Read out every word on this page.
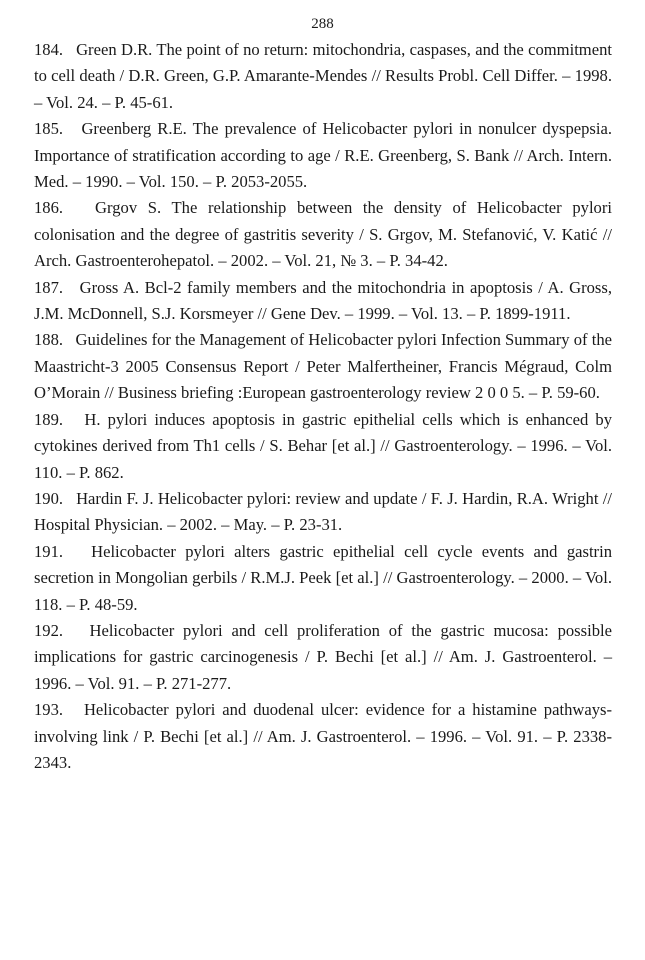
288

184. Green D.R. The point of no return: mitochondria, caspases, and the commitment to cell death / D.R. Green, G.P. Amarante-Mendes // Results Probl. Cell Differ. – 1998. – Vol. 24. – P. 45-61.

185. Greenberg R.E. The prevalence of Helicobacter pylori in nonulcer dyspepsia. Importance of stratification according to age / R.E. Greenberg, S. Bank // Arch. Intern. Med. – 1990. – Vol. 150. – P. 2053-2055.

186. Grgov S. The relationship between the density of Helicobacter pylori colonisation and the degree of gastritis severity / S. Grgov, M. Stefanović, V. Katić // Arch. Gastroenterohepatol. – 2002. – Vol. 21, № 3. – P. 34-42.

187. Gross A. Bcl-2 family members and the mitochondria in apoptosis / A. Gross, J.M. McDonnell, S.J. Korsmeyer // Gene Dev. – 1999. – Vol. 13. – P. 1899-1911.

188. Guidelines for the Management of Helicobacter pylori Infection Summary of the Maastricht-3 2005 Consensus Report / Peter Malfertheiner, Francis Mégraud, Colm O’Morain // Business briefing :European gastroenterology review 2 0 0 5. – P. 59-60.

189. H. pylori induces apoptosis in gastric epithelial cells which is enhanced by cytokines derived from Th1 cells / S. Behar [et al.] // Gastroenterology. – 1996. – Vol. 110. – P. 862.

190. Hardin F. J. Helicobacter pylori: review and update / F. J. Hardin, R.A. Wright // Hospital Physician. – 2002. – May. – P. 23-31.

191. Helicobacter pylori alters gastric epithelial cell cycle events and gastrin secretion in Mongolian gerbils / R.M.J. Peek [et al.] // Gastroenterology. – 2000. – Vol. 118. – P. 48-59.

192. Helicobacter pylori and cell proliferation of the gastric mucosa: possible implications for gastric carcinogenesis / P. Bechi [et al.] // Am. J. Gastroenterol. – 1996. – Vol. 91. – P. 271-277.

193. Helicobacter pylori and duodenal ulcer: evidence for a histamine pathways-involving link / P. Bechi [et al.] // Am. J. Gastroenterol. – 1996. – Vol. 91. – P. 2338-2343.
